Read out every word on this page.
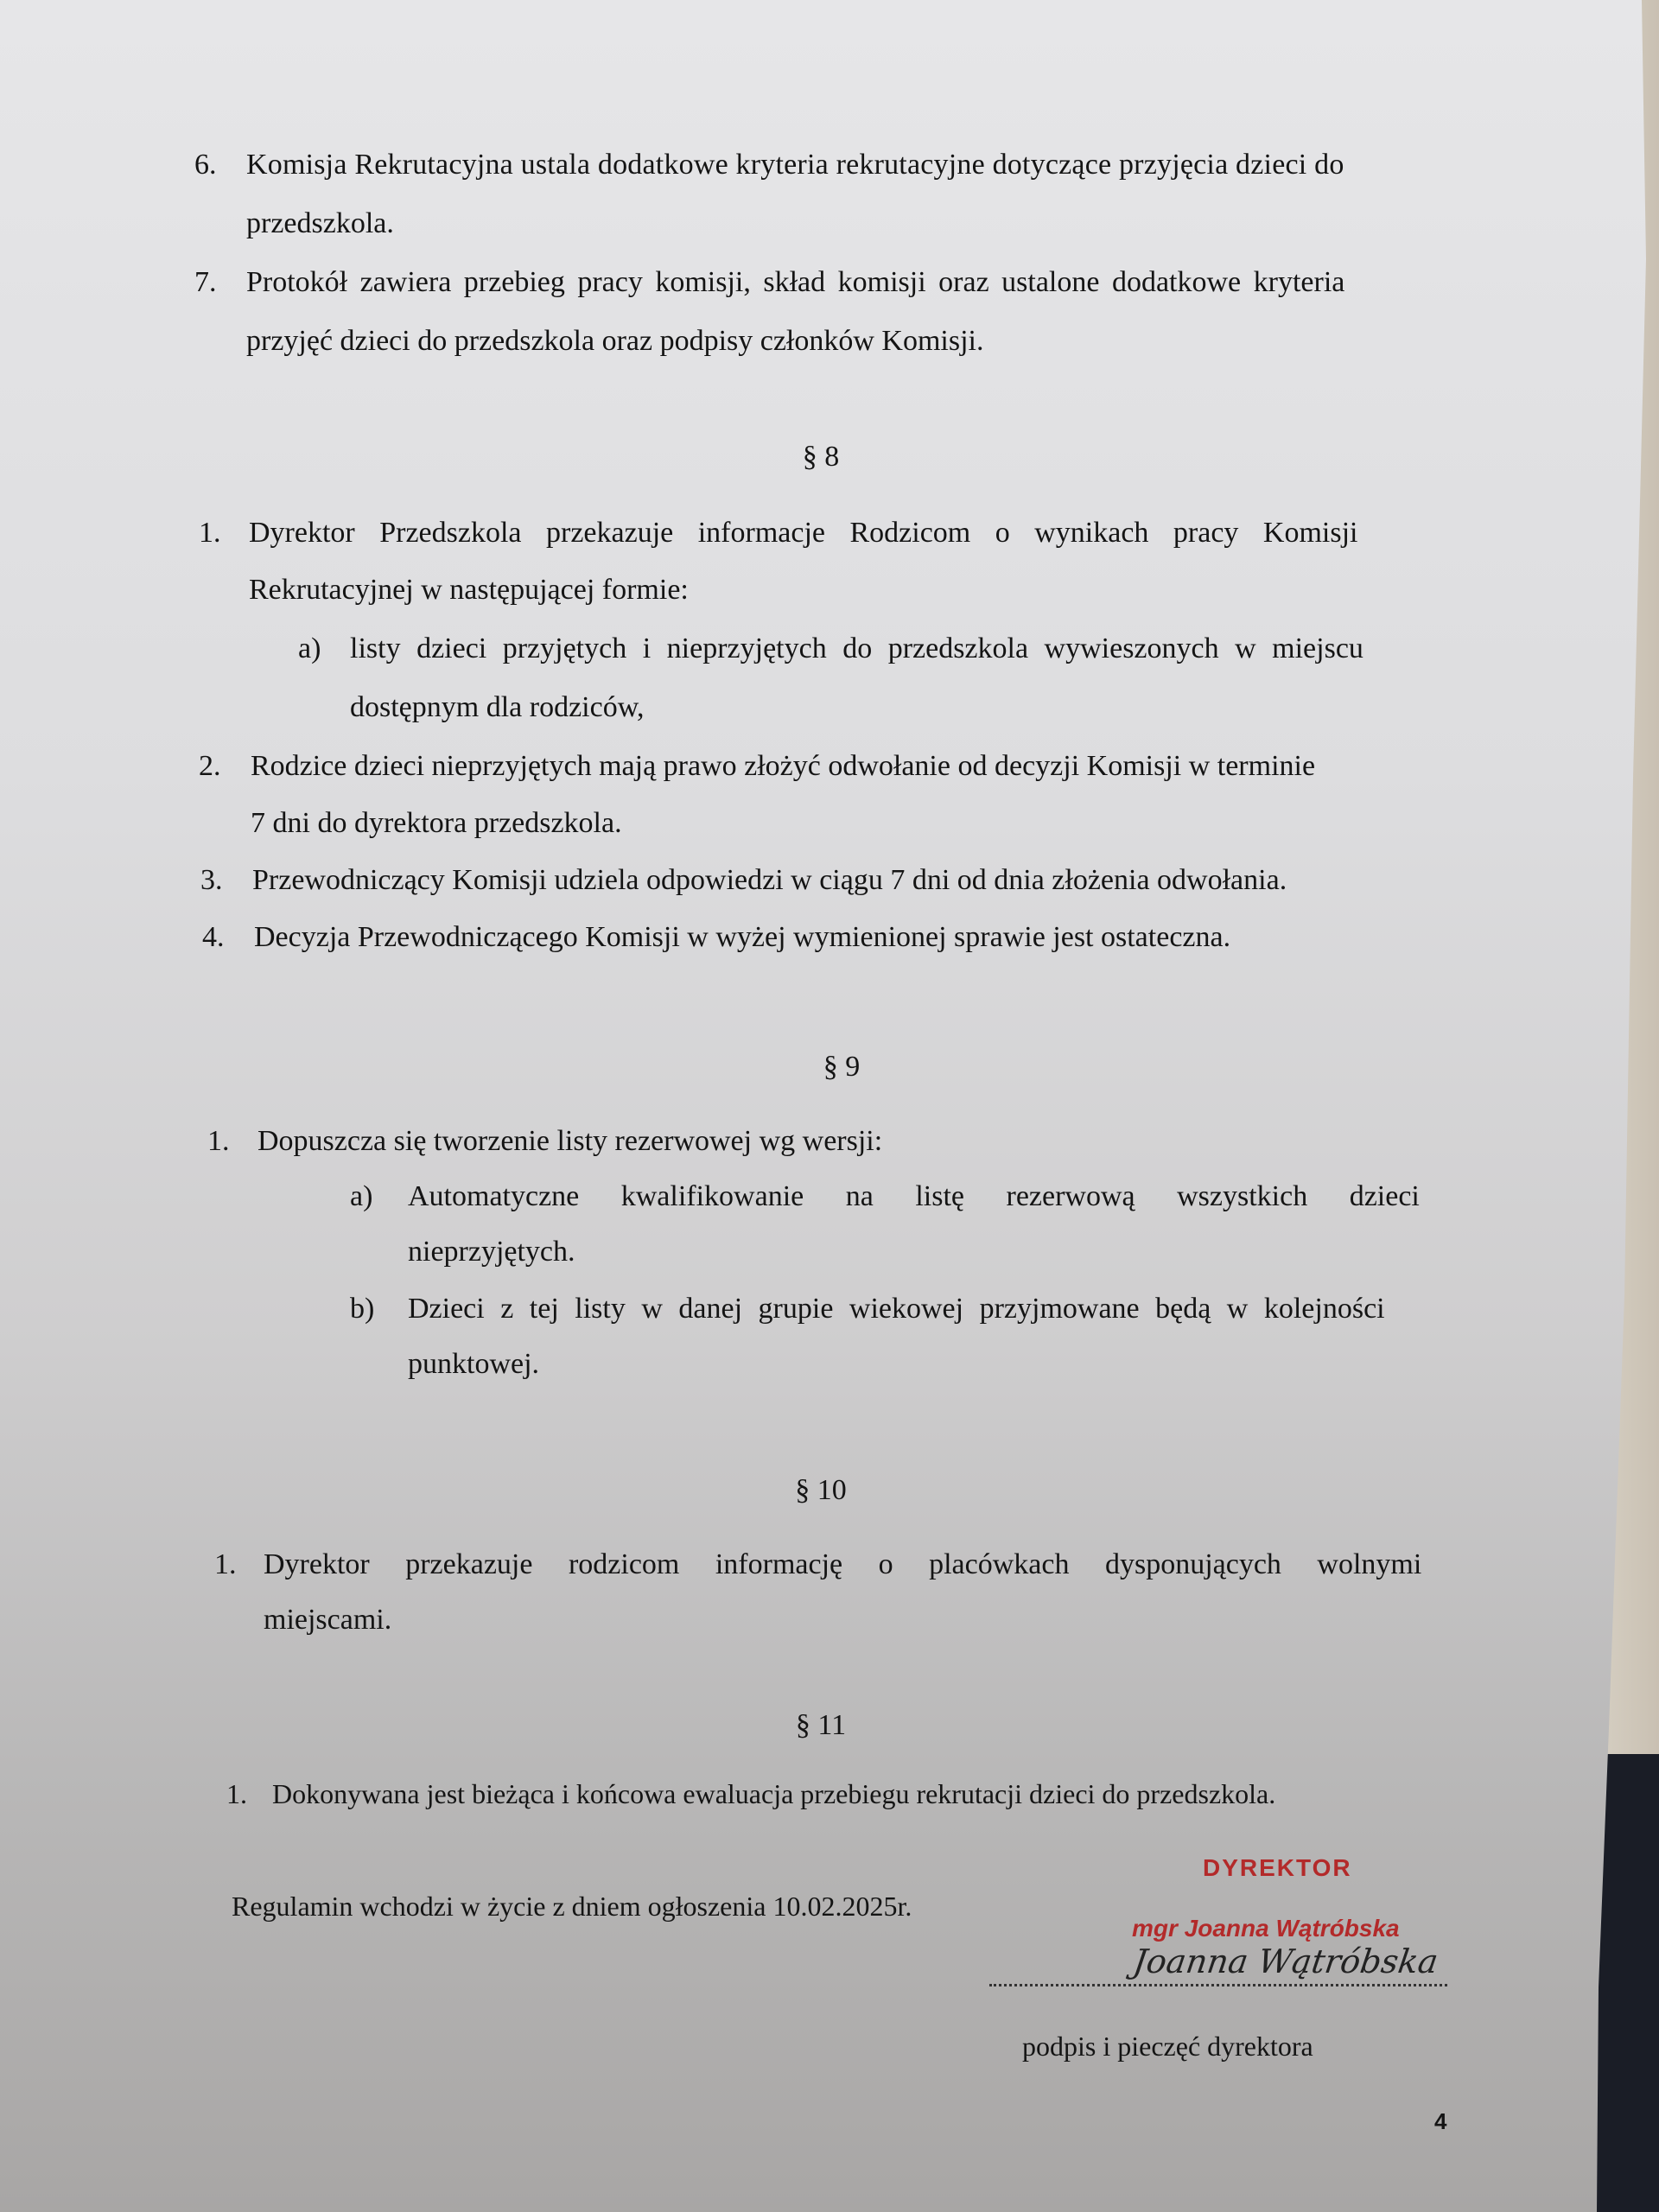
6. Komisja Rekrutacyjna ustala dodatkowe kryteria rekrutacyjne dotyczące przyjęcia dzieci do
przedszkola.
7. Protokół zawiera przebieg pracy komisji, skład komisji oraz ustalone dodatkowe kryteria
przyjęć dzieci do przedszkola oraz podpisy członków Komisji.
§ 8
1. Dyrektor Przedszkola przekazuje informacje Rodzicom o wynikach pracy Komisji
Rekrutacyjnej w następującej formie:
a) listy dzieci przyjętych i nieprzyjętych do przedszkola wywieszonych w miejscu
dostępnym dla rodziców,
2. Rodzice dzieci nieprzyjętych mają prawo złożyć odwołanie od decyzji Komisji w terminie
7 dni do dyrektora przedszkola.
3. Przewodniczący Komisji udziela odpowiedzi w ciągu 7 dni od dnia złożenia odwołania.
4. Decyzja Przewodniczącego Komisji w wyżej wymienionej sprawie jest ostateczna.
§ 9
1. Dopuszcza się tworzenie listy rezerwowej wg wersji:
a) Automatyczne kwalifikowanie na listę rezerwową wszystkich dzieci
nieprzyjętych.
b) Dzieci z tej listy w danej grupie wiekowej przyjmowane będą w kolejności
punktowej.
§ 10
1. Dyrektor przekazuje rodzicom informację o placówkach dysponujących wolnymi
miejscami.
§ 11
1. Dokonywana jest bieżąca i końcowa ewaluacja przebiegu rekrutacji dzieci do przedszkola.
Regulamin wchodzi w życie z dniem ogłoszenia 10.02.2025r.
DYREKTOR
mgr Joanna Wątróbska
Joanna Wątróbska
podpis i pieczęć dyrektora
4
